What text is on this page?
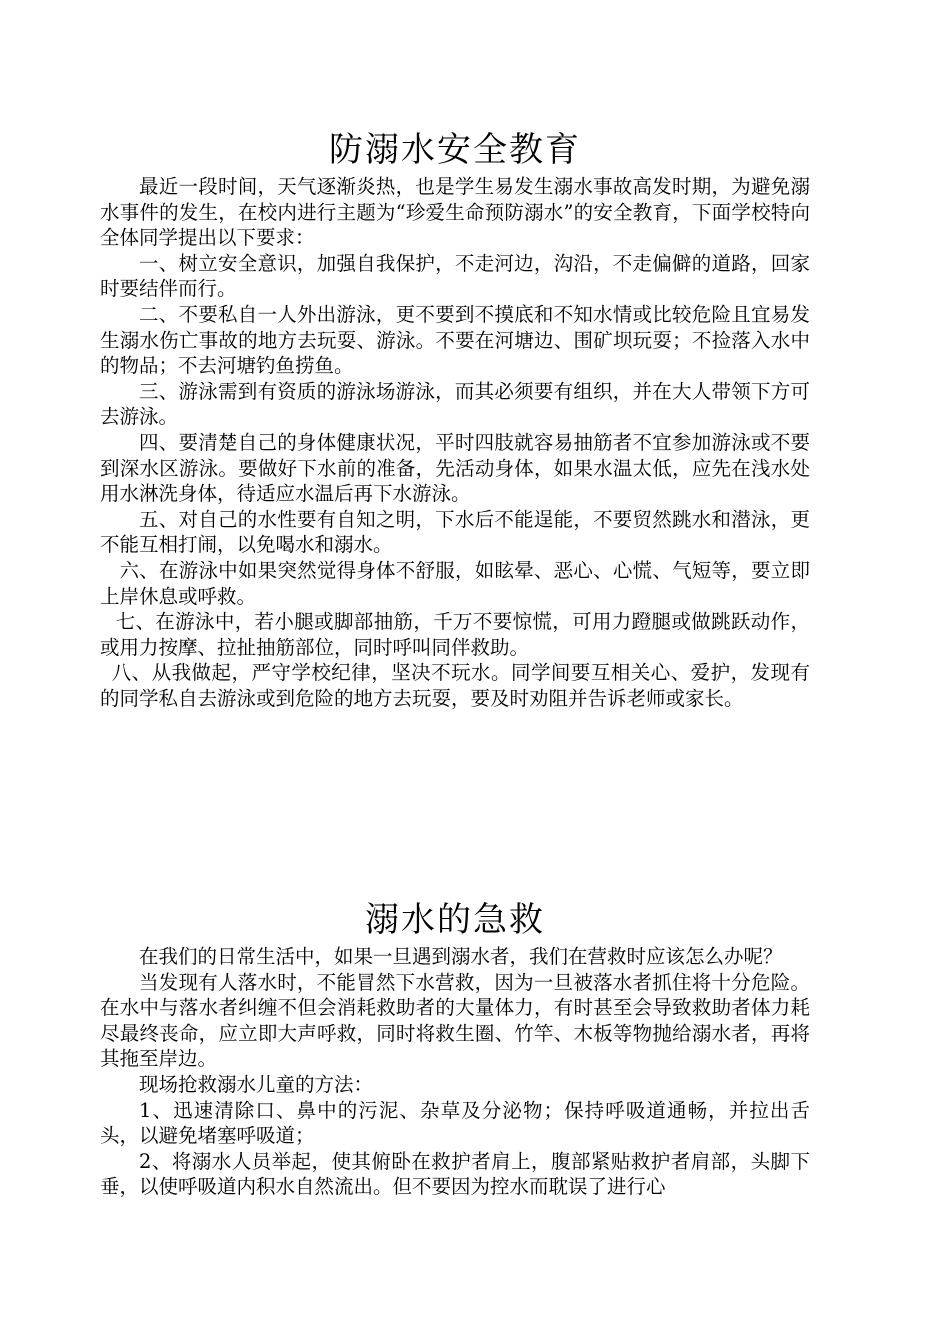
防溺水安全教育

最近一段时间，天气逐渐炎热，也是学生易发生溺水事故高发时期，为避免溺水事件的发生，在校内进行主题为“珍爱生命预防溺水”的安全教育，下面学校特向全体同学提出以下要求：

一、树立安全意识，加强自我保护，不走河边，沟沿，不走偏僻的道路，回家时要结伴而行。

二、不要私自一人外出游泳，更不要到不摸底和不知水情或比较危险且宜易发生溺水伤亡事故的地方去玩耍、游泳。不要在河塘边、围矿坝玩耍；不捡落入水中的物品；不去河塘钓鱼捞鱼。

三、游泳需到有资质的游泳场游泳，而其必须要有组织，并在大人带领下方可去游泳。

四、要清楚自己的身体健康状况，平时四肢就容易抽筋者不宜参加游泳或不要到深水区游泳。要做好下水前的准备，先活动身体，如果水温太低，应先在浅水处用水淋洗身体，待适应水温后再下水游泳。

五、对自己的水性要有自知之明，下水后不能逞能，不要贸然跳水和潜泳，更不能互相打闹，以免喝水和溺水。

六、在游泳中如果突然觉得身体不舒服，如眩晕、恶心、心慌、气短等，要立即上岸休息或呼救。

七、在游泳中，若小腿或脚部抽筋，千万不要惊慌，可用力蹬腿或做跳跃动作，或用力按摩、拉扯抽筋部位，同时呼叫同伴救助。

八、从我做起，严守学校纪律，坚决不玩水。同学间要互相关心、爱护，发现有的同学私自去游泳或到危险的地方去玩耍，要及时劝阻并告诉老师或家长。

溺水的急救

在我们的日常生活中，如果一旦遇到溺水者，我们在营救时应该怎么办呢？

当发现有人落水时，不能冒然下水营救，因为一旦被落水者抓住将十分危险。在水中与落水者纠缠不但会消耗救助者的大量体力，有时甚至会导致救助者体力耗尽最终丧命，应立即大声呼救，同时将救生圈、竹竿、木板等物抛给溺水者，再将其拖至岸边。

现场抢救溺水儿童的方法：

1、迅速清除口、鼻中的污泥、杂草及分泌物；保持呼吸道通畅，并拉出舌头，以避免堵塞呼吸道；

2、将溺水人员举起，使其俯卧在救护者肩上，腹部紧贴救护者肩部，头脚下垂，以使呼吸道内积水自然流出。但不要因为控水而耽误了进行心
